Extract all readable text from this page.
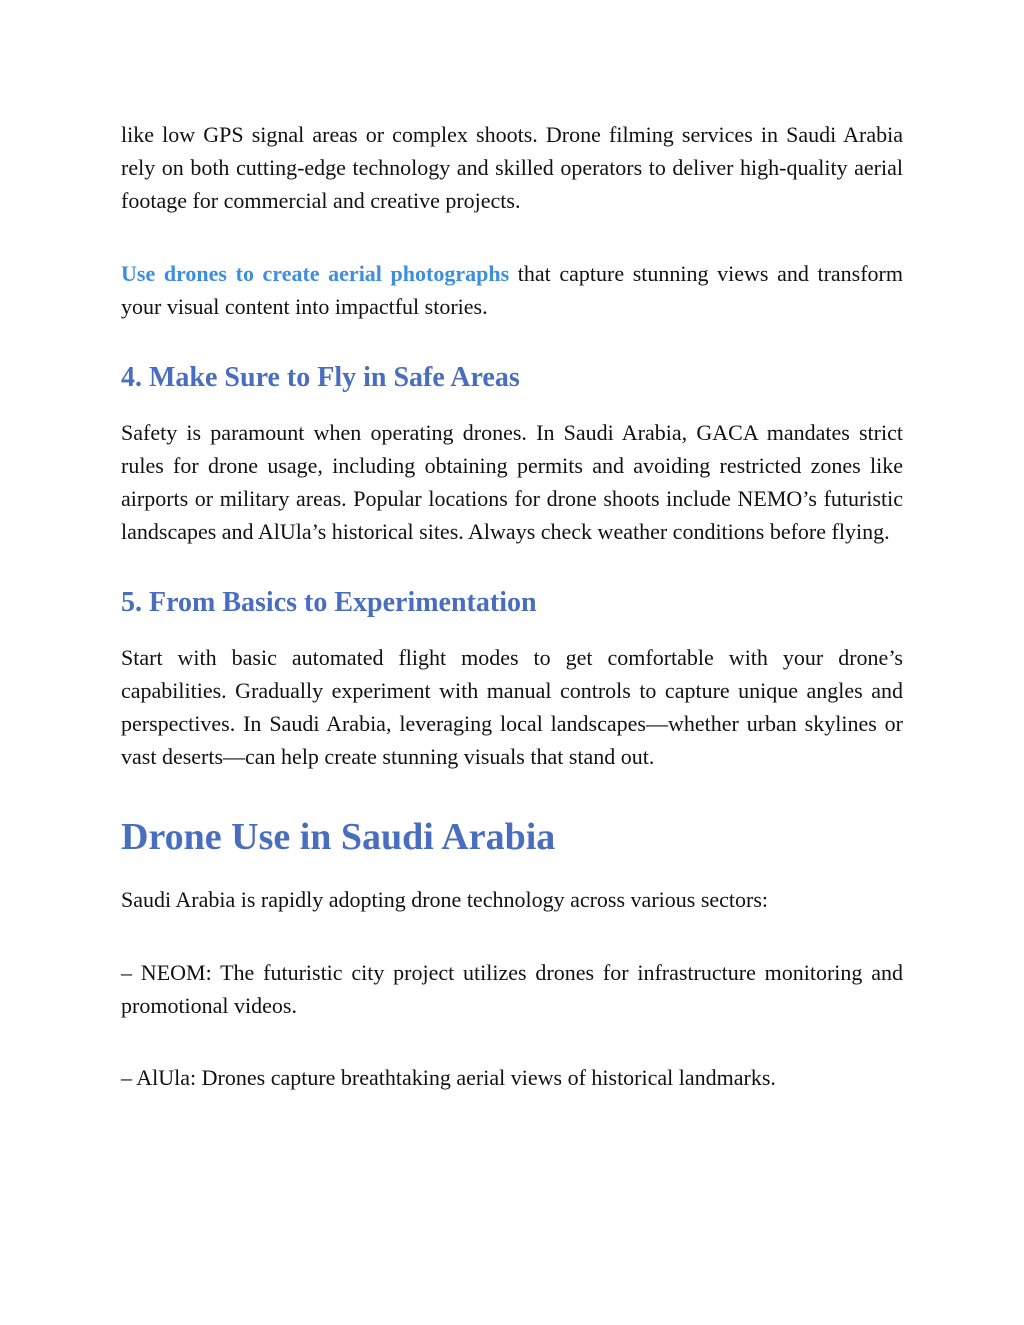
like low GPS signal areas or complex shoots. Drone filming services in Saudi Arabia rely on both cutting-edge technology and skilled operators to deliver high-quality aerial footage for commercial and creative projects.

Use drones to create aerial photographs that capture stunning views and transform your visual content into impactful stories.

4. Make Sure to Fly in Safe Areas

Safety is paramount when operating drones. In Saudi Arabia, GACA mandates strict rules for drone usage, including obtaining permits and avoiding restricted zones like airports or military areas. Popular locations for drone shoots include NEMO’s futuristic landscapes and AlUla’s historical sites. Always check weather conditions before flying.

5. From Basics to Experimentation

Start with basic automated flight modes to get comfortable with your drone’s capabilities. Gradually experiment with manual controls to capture unique angles and perspectives. In Saudi Arabia, leveraging local landscapes—whether urban skylines or vast deserts—can help create stunning visuals that stand out.

Drone Use in Saudi Arabia

Saudi Arabia is rapidly adopting drone technology across various sectors:

– NEOM: The futuristic city project utilizes drones for infrastructure monitoring and promotional videos.

– AlUla: Drones capture breathtaking aerial views of historical landmarks.
